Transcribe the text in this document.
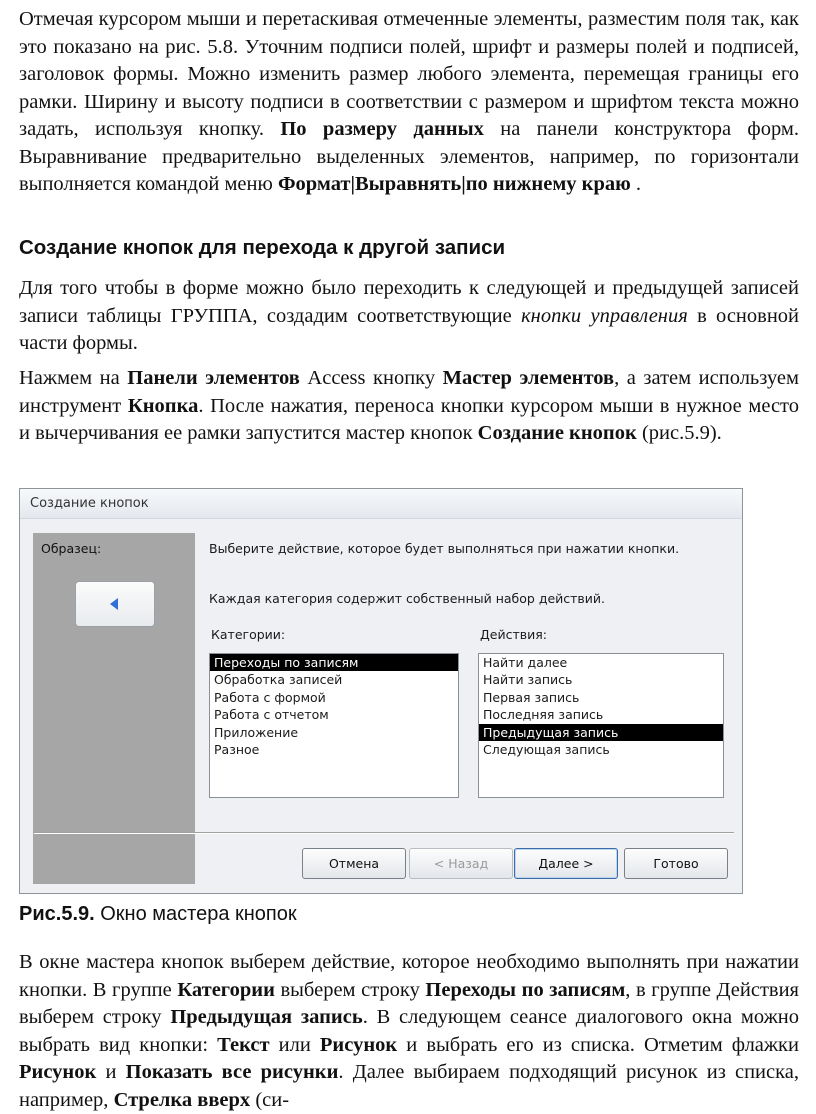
Отмечая курсором мыши и перетаскивая отмеченные элементы, разместим поля так, как это показано на рис. 5.8. Уточним подписи полей, шрифт и размеры полей и подписей, заголовок формы. Можно изменить размер любого элемента, перемещая границы его рамки. Ширину и высоту подписи в соответствии с размером и шрифтом текста можно задать, используя кнопку. По размеру данных на панели конструктора форм. Выравнивание предварительно выделенных элементов, например, по горизонтали выполняется командой меню Формат|Выравнять|по нижнему краю .
Создание кнопок для перехода к другой записи
Для того чтобы в форме можно было переходить к следующей и предыдущей записей записи таблицы ГРУППА, создадим соответствующие кнопки управления в основной части формы.
Нажмем на Панели элементов Access кнопку Мастер элементов, а затем используем инструмент Кнопка. После нажатия, переноса кнопки курсором мыши в нужное место и вычерчивания ее рамки запустится мастер кнопок Создание кнопок (рис.5.9).
Создание кнопок
Образец:	Выберите действие, которое будет выполняться при нажатии кнопки.
Каждая категория содержит собственный набор действий.
Категории:	Действия:
Переходы по записям
Обработка записей
Работа с формой
Работа с отчетом
Приложение
Разное
Найти далее
Найти запись
Первая запись
Последняя запись
Предыдущая запись
Следующая запись
Отмена	< Назад	Далее >	Готово
Рис.5.9. Окно мастера кнопок
В окне мастера кнопок выберем действие, которое необходимо выполнять при нажатии кнопки. В группе Категории выберем строку Переходы по записям, в группе Действия выберем строку Предыдущая запись. В следующем сеансе диалогового окна можно выбрать вид кнопки: Текст или Рисунок и выбрать его из списка. Отметим флажки Рисунок и Показать все рисунки. Далее выбираем подходящий рисунок из списка, например, Стрелка вверх (си-
